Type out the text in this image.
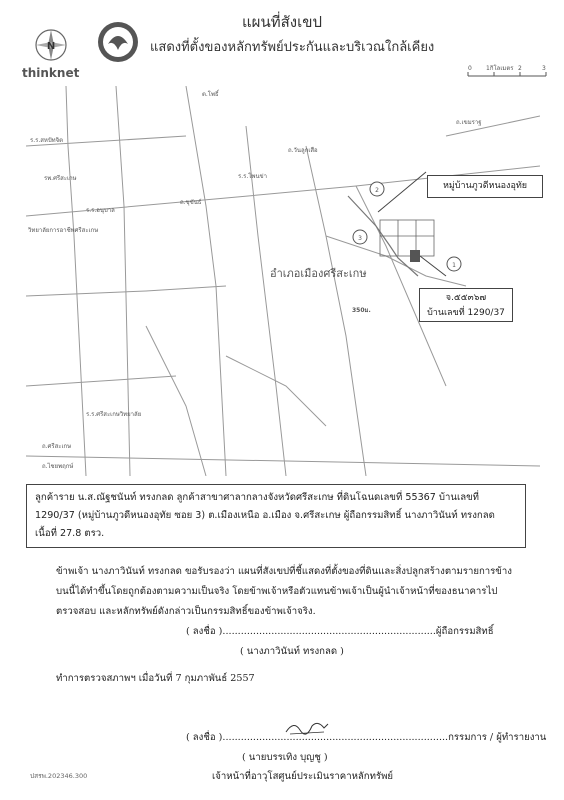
แผนที่สังเขป
แสดงที่ตั้งของหลักทรัพย์ประกันและบริเวณใกล้เคียง
N
thinknet	0 1กิโลเมตร 2	3
2
3
1
350ม.
ถ.เขมราฐ
ร.ร.สหปัทจิต
รพ.ศรีสะเกษ
ร.ร.อนุบาล
วิทยาลัยการอาชีพศรีสะเกษ
ต.โพธิ์
ถ.วันลูกเสือ
ร.ร.โพนข่า
ถ.ขุขันธ์
ร.ร.ศรีสะเกษวิทยาลัย
ถ.ศรีสะเกษ
ถ.ไชยพฤกษ์
อำเภอเมืองศรีสะเกษ
หมู่บ้านภูวดีหนองอุทัย
จ.๕๕๓๖๗
บ้านเลขที่ 1290/37
ลูกค้าราย น.ส.ณัฐชนันท์ ทรงกลด ลูกค้าสาขาศาลากลางจังหวัดศรีสะเกษ ที่ดินโฉนดเลขที่ 55367 บ้านเลขที่
1290/37 (หมู่บ้านภูวดีหนองอุทัย ซอย 3) ต.เมืองเหนือ อ.เมือง จ.ศรีสะเกษ ผู้ถือกรรมสิทธิ์ นางภาวินันท์ ทรงกลด
เนื้อที่ 27.8 ตรว.
ข้าพเจ้า นางภาวินันท์ ทรงกลด ขอรับรองว่า แผนที่สังเขปที่ชี้แสดงที่ตั้งของที่ดินและสิ่งปลูกสร้างตามรายการข้าง
บนนี้ได้ทำขึ้นโดยถูกต้องตามความเป็นจริง โดยข้าพเจ้าหรือตัวแทนข้าพเจ้าเป็นผู้นำเจ้าหน้าที่ของธนาคารไป
ตรวจสอบ และหลักทรัพย์ดังกล่าวเป็นกรรมสิทธิ์ของข้าพเจ้าจริง.
( ลงชื่อ )......................................................................ผู้ถือกรรมสิทธิ์
( นางภาวินันท์ ทรงกลด )
ทำการตรวจสภาพฯ เมื่อวันที่ 7 กุมภาพันธ์ 2557
( ลงชื่อ )..........................................................................กรรมการ / ผู้ทำรายงาน
( นายบรรเทิง บุญชู )
เจ้าหน้าที่อาวุโสศูนย์ประเมินราคาหลักทรัพย์
ปสรพ.202346.300
